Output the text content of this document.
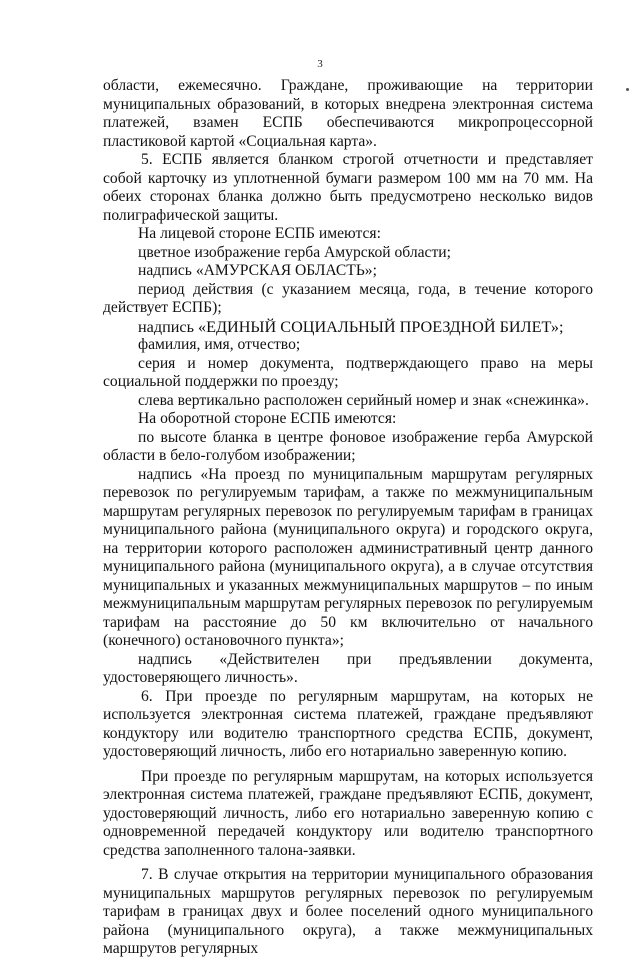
3

области, ежемесячно. Граждане, проживающие на территории муниципальных образований, в которых внедрена электронная система платежей, взамен ЕСПБ обеспечиваются микропроцессорной пластиковой картой «Социальная карта».

5. ЕСПБ является бланком строгой отчетности и представляет собой карточку из уплотненной бумаги размером 100 мм на 70 мм. На обеих сторонах бланка должно быть предусмотрено несколько видов полиграфической защиты.

На лицевой стороне ЕСПБ имеются:

цветное изображение герба Амурской области;

надпись «АМУРСКАЯ ОБЛАСТЬ»;

период действия (с указанием месяца, года, в течение которого действует ЕСПБ);

надпись «ЕДИНЫЙ СОЦИАЛЬНЫЙ ПРОЕЗДНОЙ БИЛЕТ»;

фамилия, имя, отчество;

серия и номер документа, подтверждающего право на меры социальной поддержки по проезду;

слева вертикально расположен серийный номер и знак «снежинка».

На оборотной стороне ЕСПБ имеются:

по высоте бланка в центре фоновое изображение герба Амурской области в бело-голубом изображении;

надпись «На проезд по муниципальным маршрутам регулярных перевозок по регулируемым тарифам, а также по межмуниципальным маршрутам регулярных перевозок по регулируемым тарифам в границах муниципального района (муниципального округа) и городского округа, на территории которого расположен административный центр данного муниципального района (муниципального округа), а в случае отсутствия муниципальных и указанных межмуниципальных маршрутов – по иным межмуниципальным маршрутам регулярных перевозок по регулируемым тарифам на расстояние до 50 км включительно от начального (конечного) остановочного пункта»;

надпись «Действителен при предъявлении документа, удостоверяющего личность».

6. При проезде по регулярным маршрутам, на которых не используется электронная система платежей, граждане предъявляют кондуктору или водителю транспортного средства ЕСПБ, документ, удостоверяющий личность, либо его нотариально заверенную копию.

При проезде по регулярным маршрутам, на которых используется электронная система платежей, граждане предъявляют ЕСПБ, документ, удостоверяющий личность, либо его нотариально заверенную копию с одновременной передачей кондуктору или водителю транспортного средства заполненного талона-заявки.

7. В случае открытия на территории муниципального образования муниципальных маршрутов регулярных перевозок по регулируемым тарифам в границах двух и более поселений одного муниципального района (муниципального округа), а также межмуниципальных маршрутов регулярных
